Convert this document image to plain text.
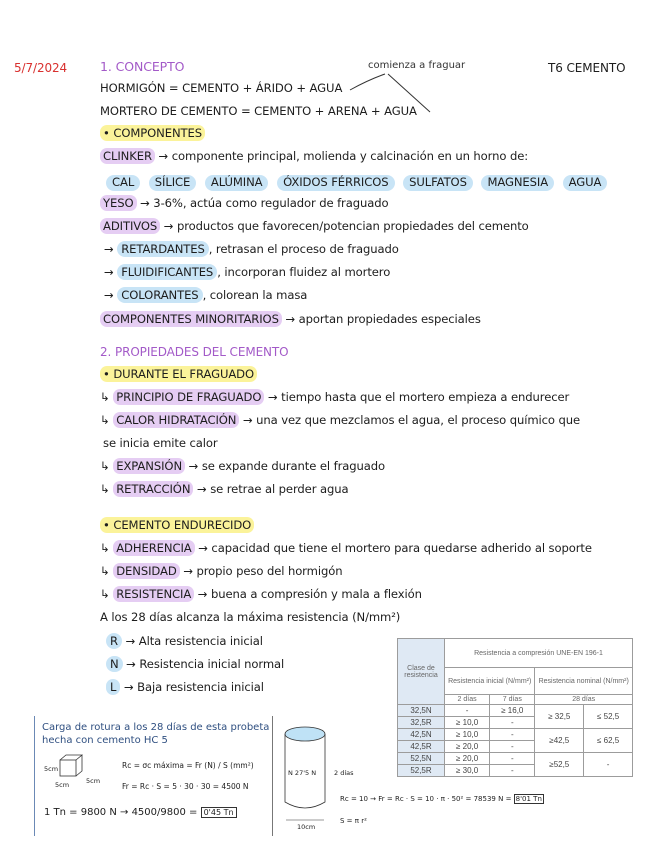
5/7/2024	1. CONCEPTO	comienza a fraguar	T6 CEMENTO
HORMIGÓN = CEMENTO + ÁRIDO + AGUA
MORTERO DE CEMENTO = CEMENTO + ARENA + AGUA
• COMPONENTES
CLINKER → componente principal, molienda y calcinación en un horno de:
CAL SÍLICE ALÚMINA ÓXIDOS FÉRRICOS SULFATOS MAGNESIA AGUA
YESO → 3-6%, actúa como regulador de fraguado
ADITIVOS → productos que favorecen/potencian propiedades del cemento
→ RETARDANTES , retrasan el proceso de fraguado
→ FLUIDIFICANTES , incorporan fluidez al mortero
→ COLORANTES , colorean la masa
COMPONENTES MINORITARIOS → aportan propiedades especiales
2. PROPIEDADES DEL CEMENTO
• DURANTE EL FRAGUADO
↳ PRINCIPIO DE FRAGUADO → tiempo hasta que el mortero empieza a endurecer
↳ CALOR HIDRATACIÓN → una vez que mezclamos el agua, el proceso químico que
se inicia emite calor
↳ EXPANSIÓN → se expande durante el fraguado
↳ RETRACCIÓN → se retrae al perder agua
• CEMENTO ENDURECIDO
↳ ADHERENCIA → capacidad que tiene el mortero para quedarse adherido al soporte
↳ DENSIDAD → propio peso del hormigón
↳ RESISTENCIA → buena a compresión y mala a flexión
A los 28 días alcanza la máxima resistencia (N/mm²)
R → Alta resistencia inicial
N → Resistencia inicial normal
L → Baja resistencia inicial
Clase de resistencia	Resistencia a compresión UNE-EN 196-1			
	Resistencia inicial (N/mm²)		Resistencia nominal (N/mm²)	
	2 días	7 días	28 días	
32,5N	-	≥ 16,0	≥ 32,5	≤ 52,5
32,5R	≥ 10,0	-		
42,5N	≥ 10,0	-	≥42,5	≤ 62,5
42,5R	≥ 20,0	-		
52,5N	≥ 20,0	-	≥52,5	-
52,5R	≥ 30,0	-		
Carga de rotura a los 28 días de esta probeta
hecha con cemento HC 5
5cm
5cm	5cm
Rc = σc máxima = Fr (N) / S (mm²)
Fr = Rc · S = 5 · 30 · 30 = 4500 N
1 Tn = 9800 N → 4500/9800 = 0'45 Tn
N 27'5 N	2 días
10cm
Rc = 10 → Fr = Rc · S = 10 · π · 50² = 78539 N = 8'01 Tn
S = π r²
